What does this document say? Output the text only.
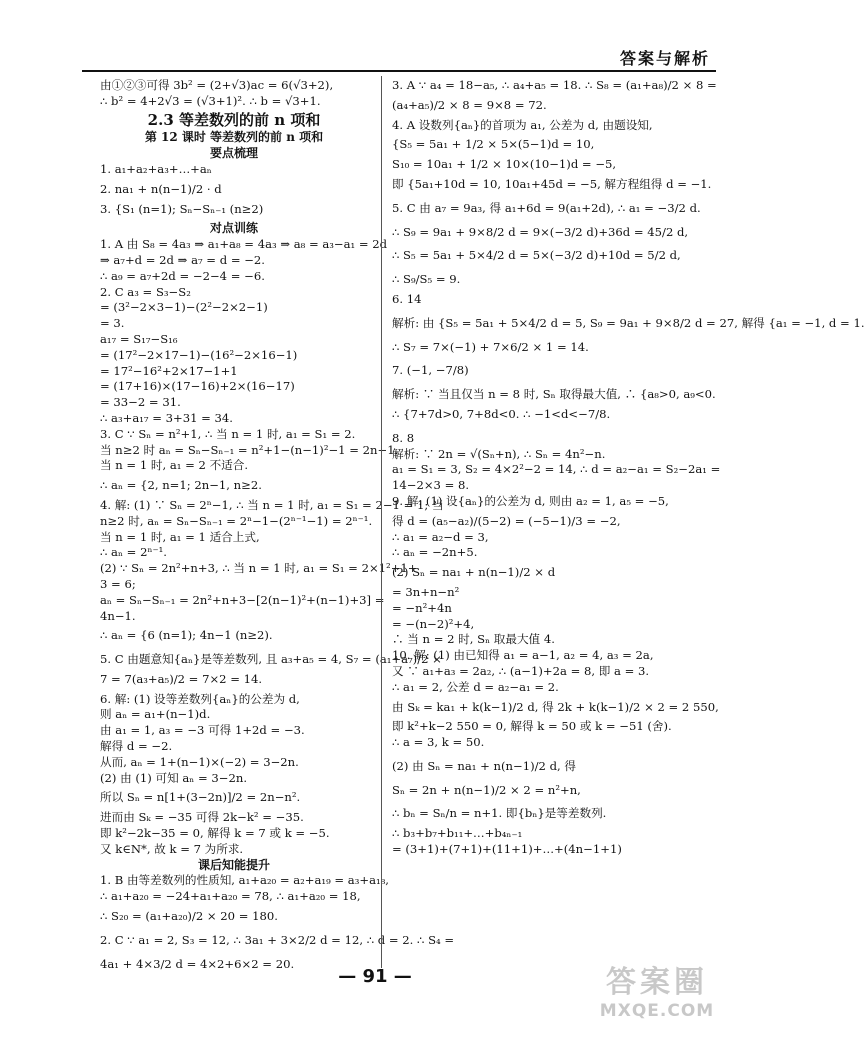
答案与解析
由①②③可得 3b² = (2+√3)ac = 6(√3+2),
∴ b² = 4+2√3 = (√3+1)². ∴ b = √3+1.
2.3 等差数列的前 n 项和
第 12 课时 等差数列的前 n 项和
要点梳理
1. a₁+a₂+a₃+…+aₙ
2. na₁ + n(n−1)/2 · d
3. {S₁ (n=1); Sₙ−Sₙ₋₁ (n≥2)
对点训练
1. A 由 S₈ = 4a₃ ⇒ a₁+a₈ = 4a₃ ⇒ a₈ = a₃−a₁ = 2d
⇒ a₇+d = 2d ⇒ a₇ = d = −2.
∴ a₉ = a₇+2d = −2−4 = −6.
2. C a₃ = S₃−S₂
= (3²−2×3−1)−(2²−2×2−1)
= 3.
a₁₇ = S₁₇−S₁₆
= (17²−2×17−1)−(16²−2×16−1)
= 17²−16²+2×17−1+1
= (17+16)×(17−16)+2×(16−17)
= 33−2 = 31.
∴ a₃+a₁₇ = 3+31 = 34.
3. C ∵ Sₙ = n²+1, ∴ 当 n = 1 时, a₁ = S₁ = 2.
当 n≥2 时 aₙ = Sₙ−Sₙ₋₁ = n²+1−(n−1)²−1 = 2n−1.
当 n = 1 时, a₁ = 2 不适合.
∴ aₙ = {2, n=1; 2n−1, n≥2.
4. 解: (1) ∵ Sₙ = 2ⁿ−1, ∴ 当 n = 1 时, a₁ = S₁ = 2−1 = 1; 当
n≥2 时, aₙ = Sₙ−Sₙ₋₁ = 2ⁿ−1−(2ⁿ⁻¹−1) = 2ⁿ⁻¹.
当 n = 1 时, a₁ = 1 适合上式,
∴ aₙ = 2ⁿ⁻¹.
(2) ∵ Sₙ = 2n²+n+3, ∴ 当 n = 1 时, a₁ = S₁ = 2×1²+1+
3 = 6;
aₙ = Sₙ−Sₙ₋₁ = 2n²+n+3−[2(n−1)²+(n−1)+3] =
4n−1.
∴ aₙ = {6 (n=1); 4n−1 (n≥2).
5. C 由题意知{aₙ}是等差数列, 且 a₃+a₅ = 4, S₇ = (a₁+a₇)/2 ×
7 = 7(a₃+a₅)/2 = 7×2 = 14.
6. 解: (1) 设等差数列{aₙ}的公差为 d,
则 aₙ = a₁+(n−1)d.
由 a₁ = 1, a₃ = −3 可得 1+2d = −3.
解得 d = −2.
从而, aₙ = 1+(n−1)×(−2) = 3−2n.
(2) 由 (1) 可知 aₙ = 3−2n.
所以 Sₙ = n[1+(3−2n)]/2 = 2n−n².
进而由 Sₖ = −35 可得 2k−k² = −35.
即 k²−2k−35 = 0, 解得 k = 7 或 k = −5.
又 k∈N*, 故 k = 7 为所求.
课后知能提升
1. B 由等差数列的性质知, a₁+a₂₀ = a₂+a₁₉ = a₃+a₁₈,
∴ a₁+a₂₀ = −24+a₁+a₂₀ = 78, ∴ a₁+a₂₀ = 18,
∴ S₂₀ = (a₁+a₂₀)/2 × 20 = 180.
2. C ∵ a₁ = 2, S₃ = 12, ∴ 3a₁ + 3×2/2 d = 12, ∴ d = 2. ∴ S₄ =
4a₁ + 4×3/2 d = 4×2+6×2 = 20.
3. A ∵ a₄ = 18−a₅, ∴ a₄+a₅ = 18. ∴ S₈ = (a₁+a₈)/2 × 8 =
(a₄+a₅)/2 × 8 = 9×8 = 72.
4. A 设数列{aₙ}的首项为 a₁, 公差为 d, 由题设知,
{S₅ = 5a₁ + 1/2 × 5×(5−1)d = 10,
S₁₀ = 10a₁ + 1/2 × 10×(10−1)d = −5,
即 {5a₁+10d = 10, 10a₁+45d = −5, 解方程组得 d = −1.
5. C 由 a₇ = 9a₃, 得 a₁+6d = 9(a₁+2d), ∴ a₁ = −3/2 d.
∴ S₉ = 9a₁ + 9×8/2 d = 9×(−3/2 d)+36d = 45/2 d,
∴ S₅ = 5a₁ + 5×4/2 d = 5×(−3/2 d)+10d = 5/2 d,
∴ S₉/S₅ = 9.
6. 14
解析: 由 {S₅ = 5a₁ + 5×4/2 d = 5, S₉ = 9a₁ + 9×8/2 d = 27, 解得 {a₁ = −1, d = 1.
∴ S₇ = 7×(−1) + 7×6/2 × 1 = 14.
7. (−1, −7/8)
解析: ∵ 当且仅当 n = 8 时, Sₙ 取得最大值, ∴ {a₈>0, a₉<0.
∴ {7+7d>0, 7+8d<0. ∴ −1<d<−7/8.
8. 8
解析: ∵ 2n = √(Sₙ+n), ∴ Sₙ = 4n²−n.
a₁ = S₁ = 3, S₂ = 4×2²−2 = 14, ∴ d = a₂−a₁ = S₂−2a₁ =
14−2×3 = 8.
9. 解: (1) 设{aₙ}的公差为 d, 则由 a₂ = 1, a₅ = −5,
得 d = (a₅−a₂)/(5−2) = (−5−1)/3 = −2,
∴ a₁ = a₂−d = 3,
∴ aₙ = −2n+5.
(2) Sₙ = na₁ + n(n−1)/2 × d
= 3n+n−n²
= −n²+4n
= −(n−2)²+4,
∴ 当 n = 2 时, Sₙ 取最大值 4.
10. 解: (1) 由已知得 a₁ = a−1, a₂ = 4, a₃ = 2a,
又 ∵ a₁+a₃ = 2a₂, ∴ (a−1)+2a = 8, 即 a = 3.
∴ a₁ = 2, 公差 d = a₂−a₁ = 2.
由 Sₖ = ka₁ + k(k−1)/2 d, 得 2k + k(k−1)/2 × 2 = 2 550,
即 k²+k−2 550 = 0, 解得 k = 50 或 k = −51 (舍).
∴ a = 3, k = 50.
(2) 由 Sₙ = na₁ + n(n−1)/2 d, 得
Sₙ = 2n + n(n−1)/2 × 2 = n²+n,
∴ bₙ = Sₙ/n = n+1. 即{bₙ}是等差数列.
∴ b₃+b₇+b₁₁+…+b₄ₙ₋₁
= (3+1)+(7+1)+(11+1)+…+(4n−1+1)
— 91 —	答案圈
MXQE.COM
